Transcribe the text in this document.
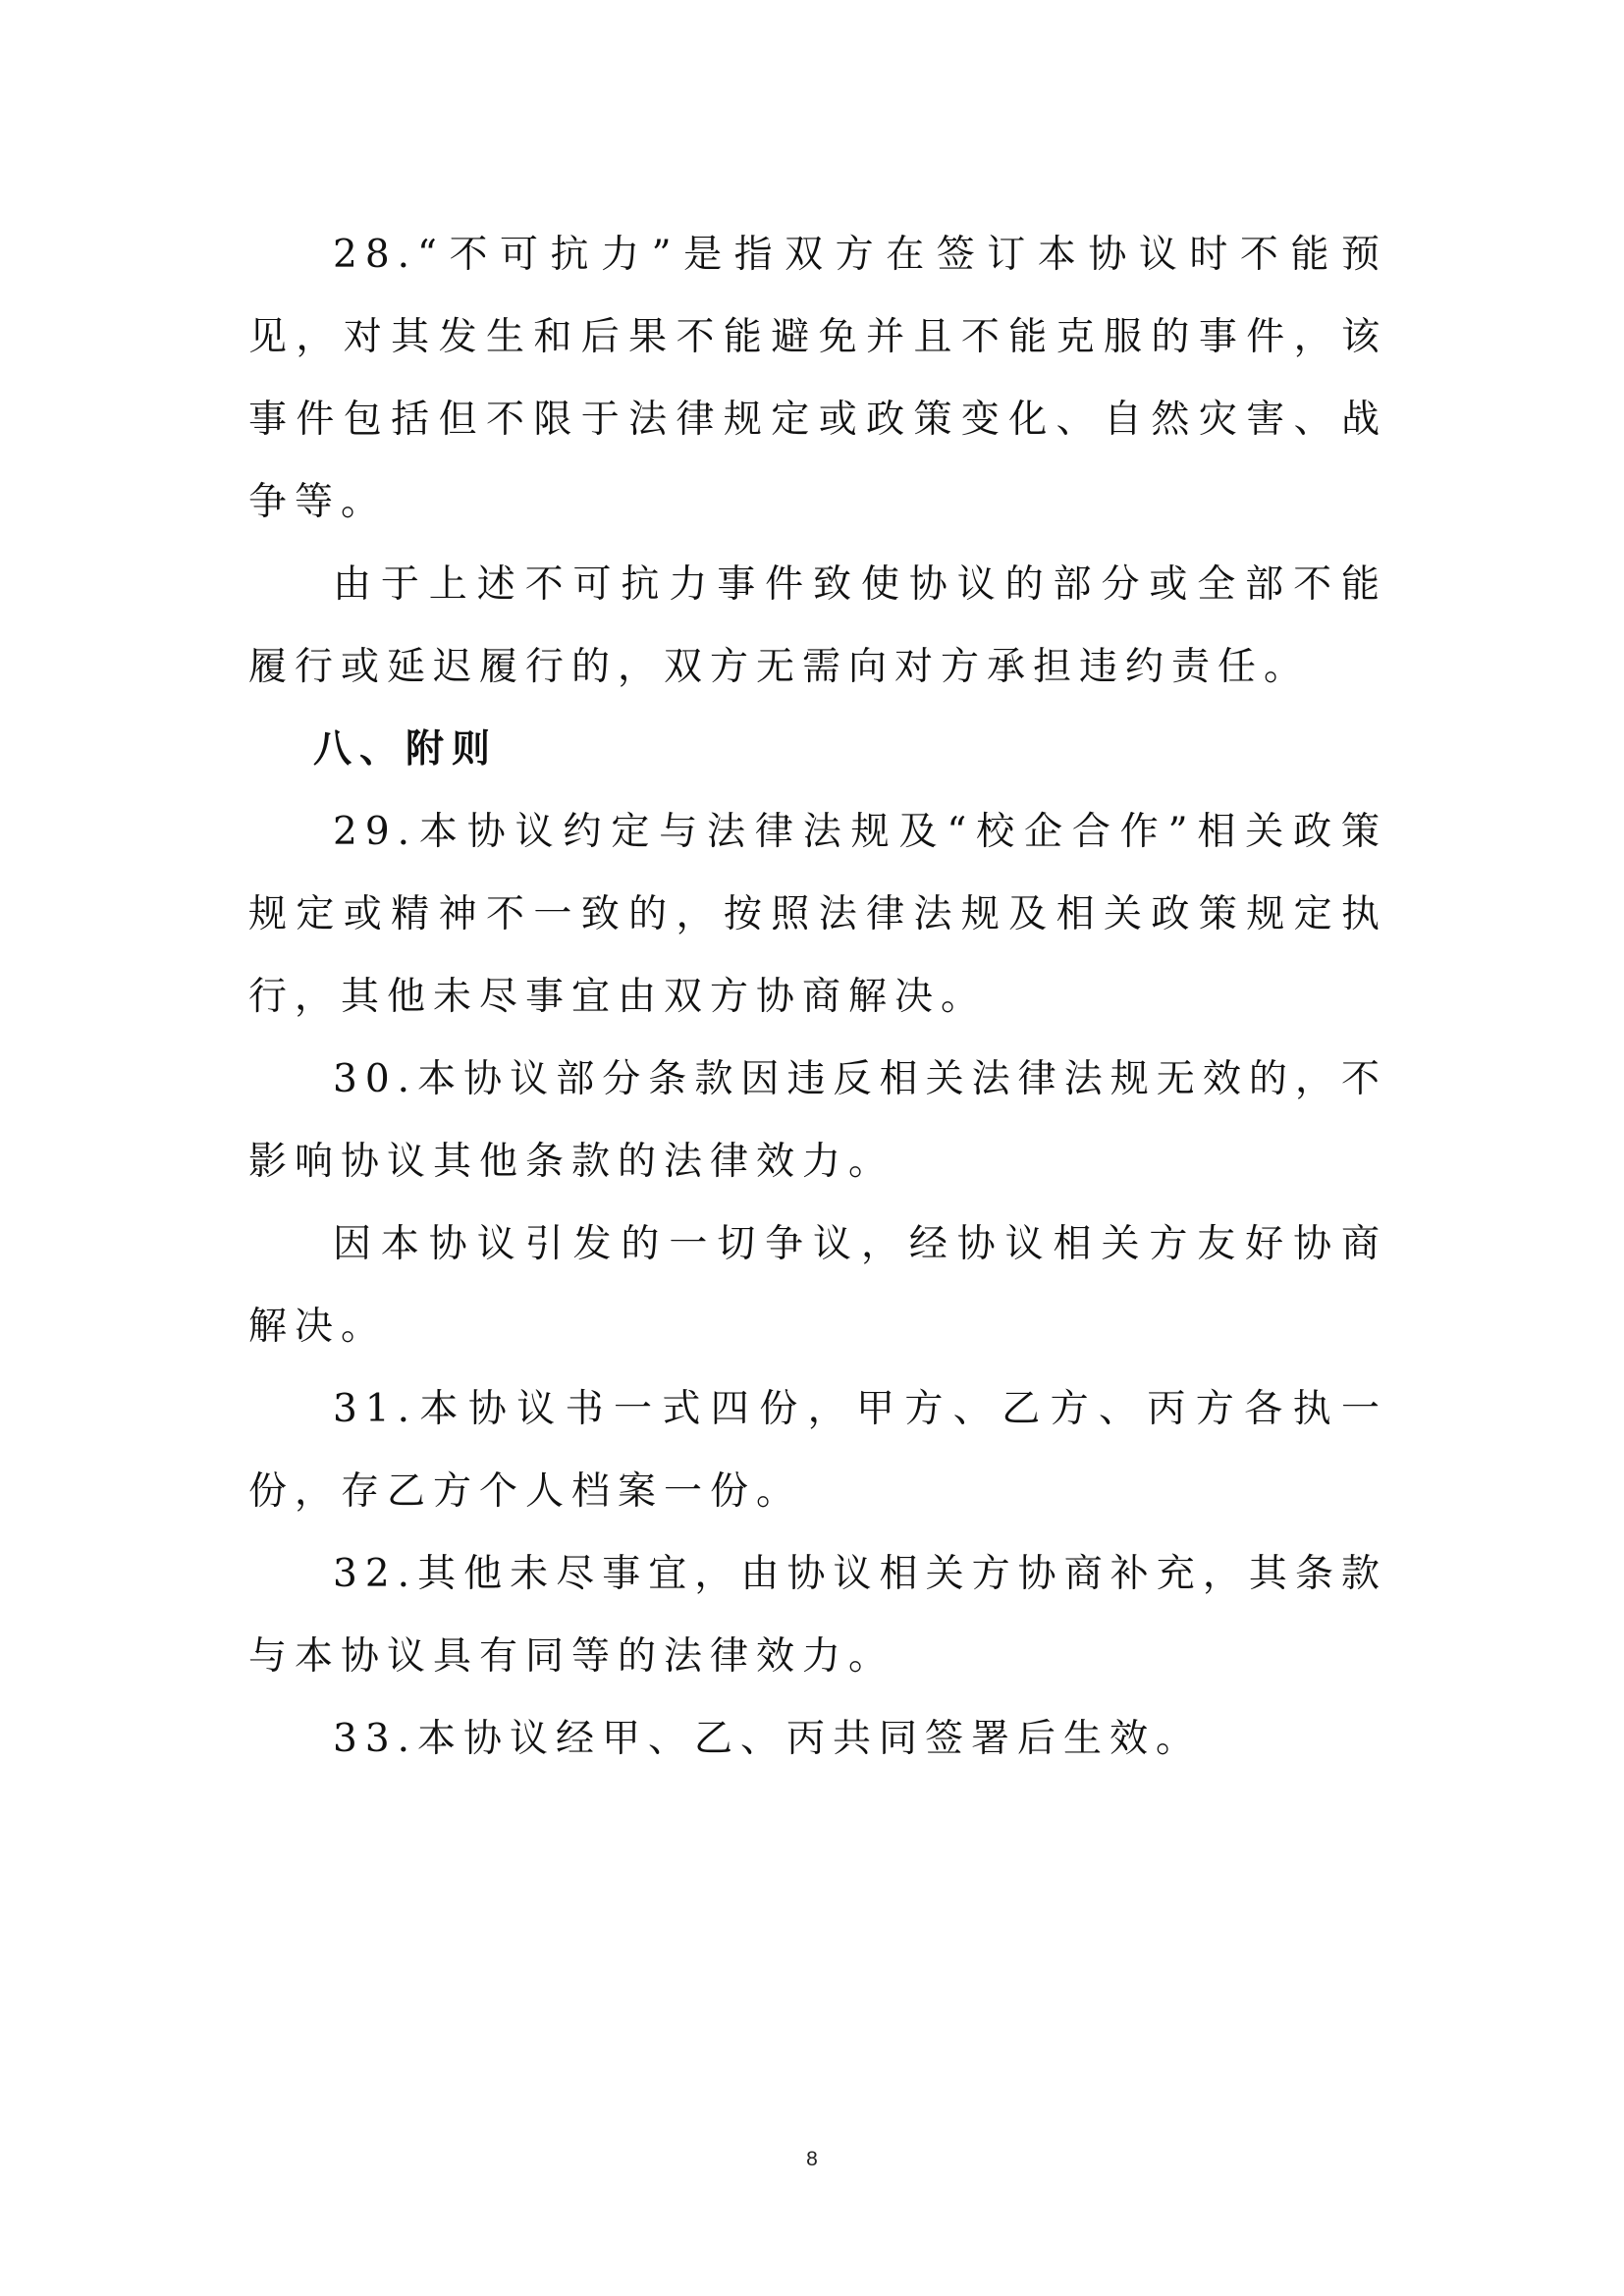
28.“不可抗力”是指双方在签订本协议时不能预见，对其发生和后果不能避免并且不能克服的事件，该事件包括但不限于法律规定或政策变化、自然灾害、战争等。

由于上述不可抗力事件致使协议的部分或全部不能履行或延迟履行的，双方无需向对方承担违约责任。

八、附则

29.本协议约定与法律法规及“校企合作”相关政策规定或精神不一致的，按照法律法规及相关政策规定执行，其他未尽事宜由双方协商解决。

30.本协议部分条款因违反相关法律法规无效的，不影响协议其他条款的法律效力。

因本协议引发的一切争议，经协议相关方友好协商解决。

31.本协议书一式四份，甲方、乙方、丙方各执一份，存乙方个人档案一份。

32.其他未尽事宜，由协议相关方协商补充，其条款与本协议具有同等的法律效力。

33.本协议经甲、乙、丙共同签署后生效。

8
